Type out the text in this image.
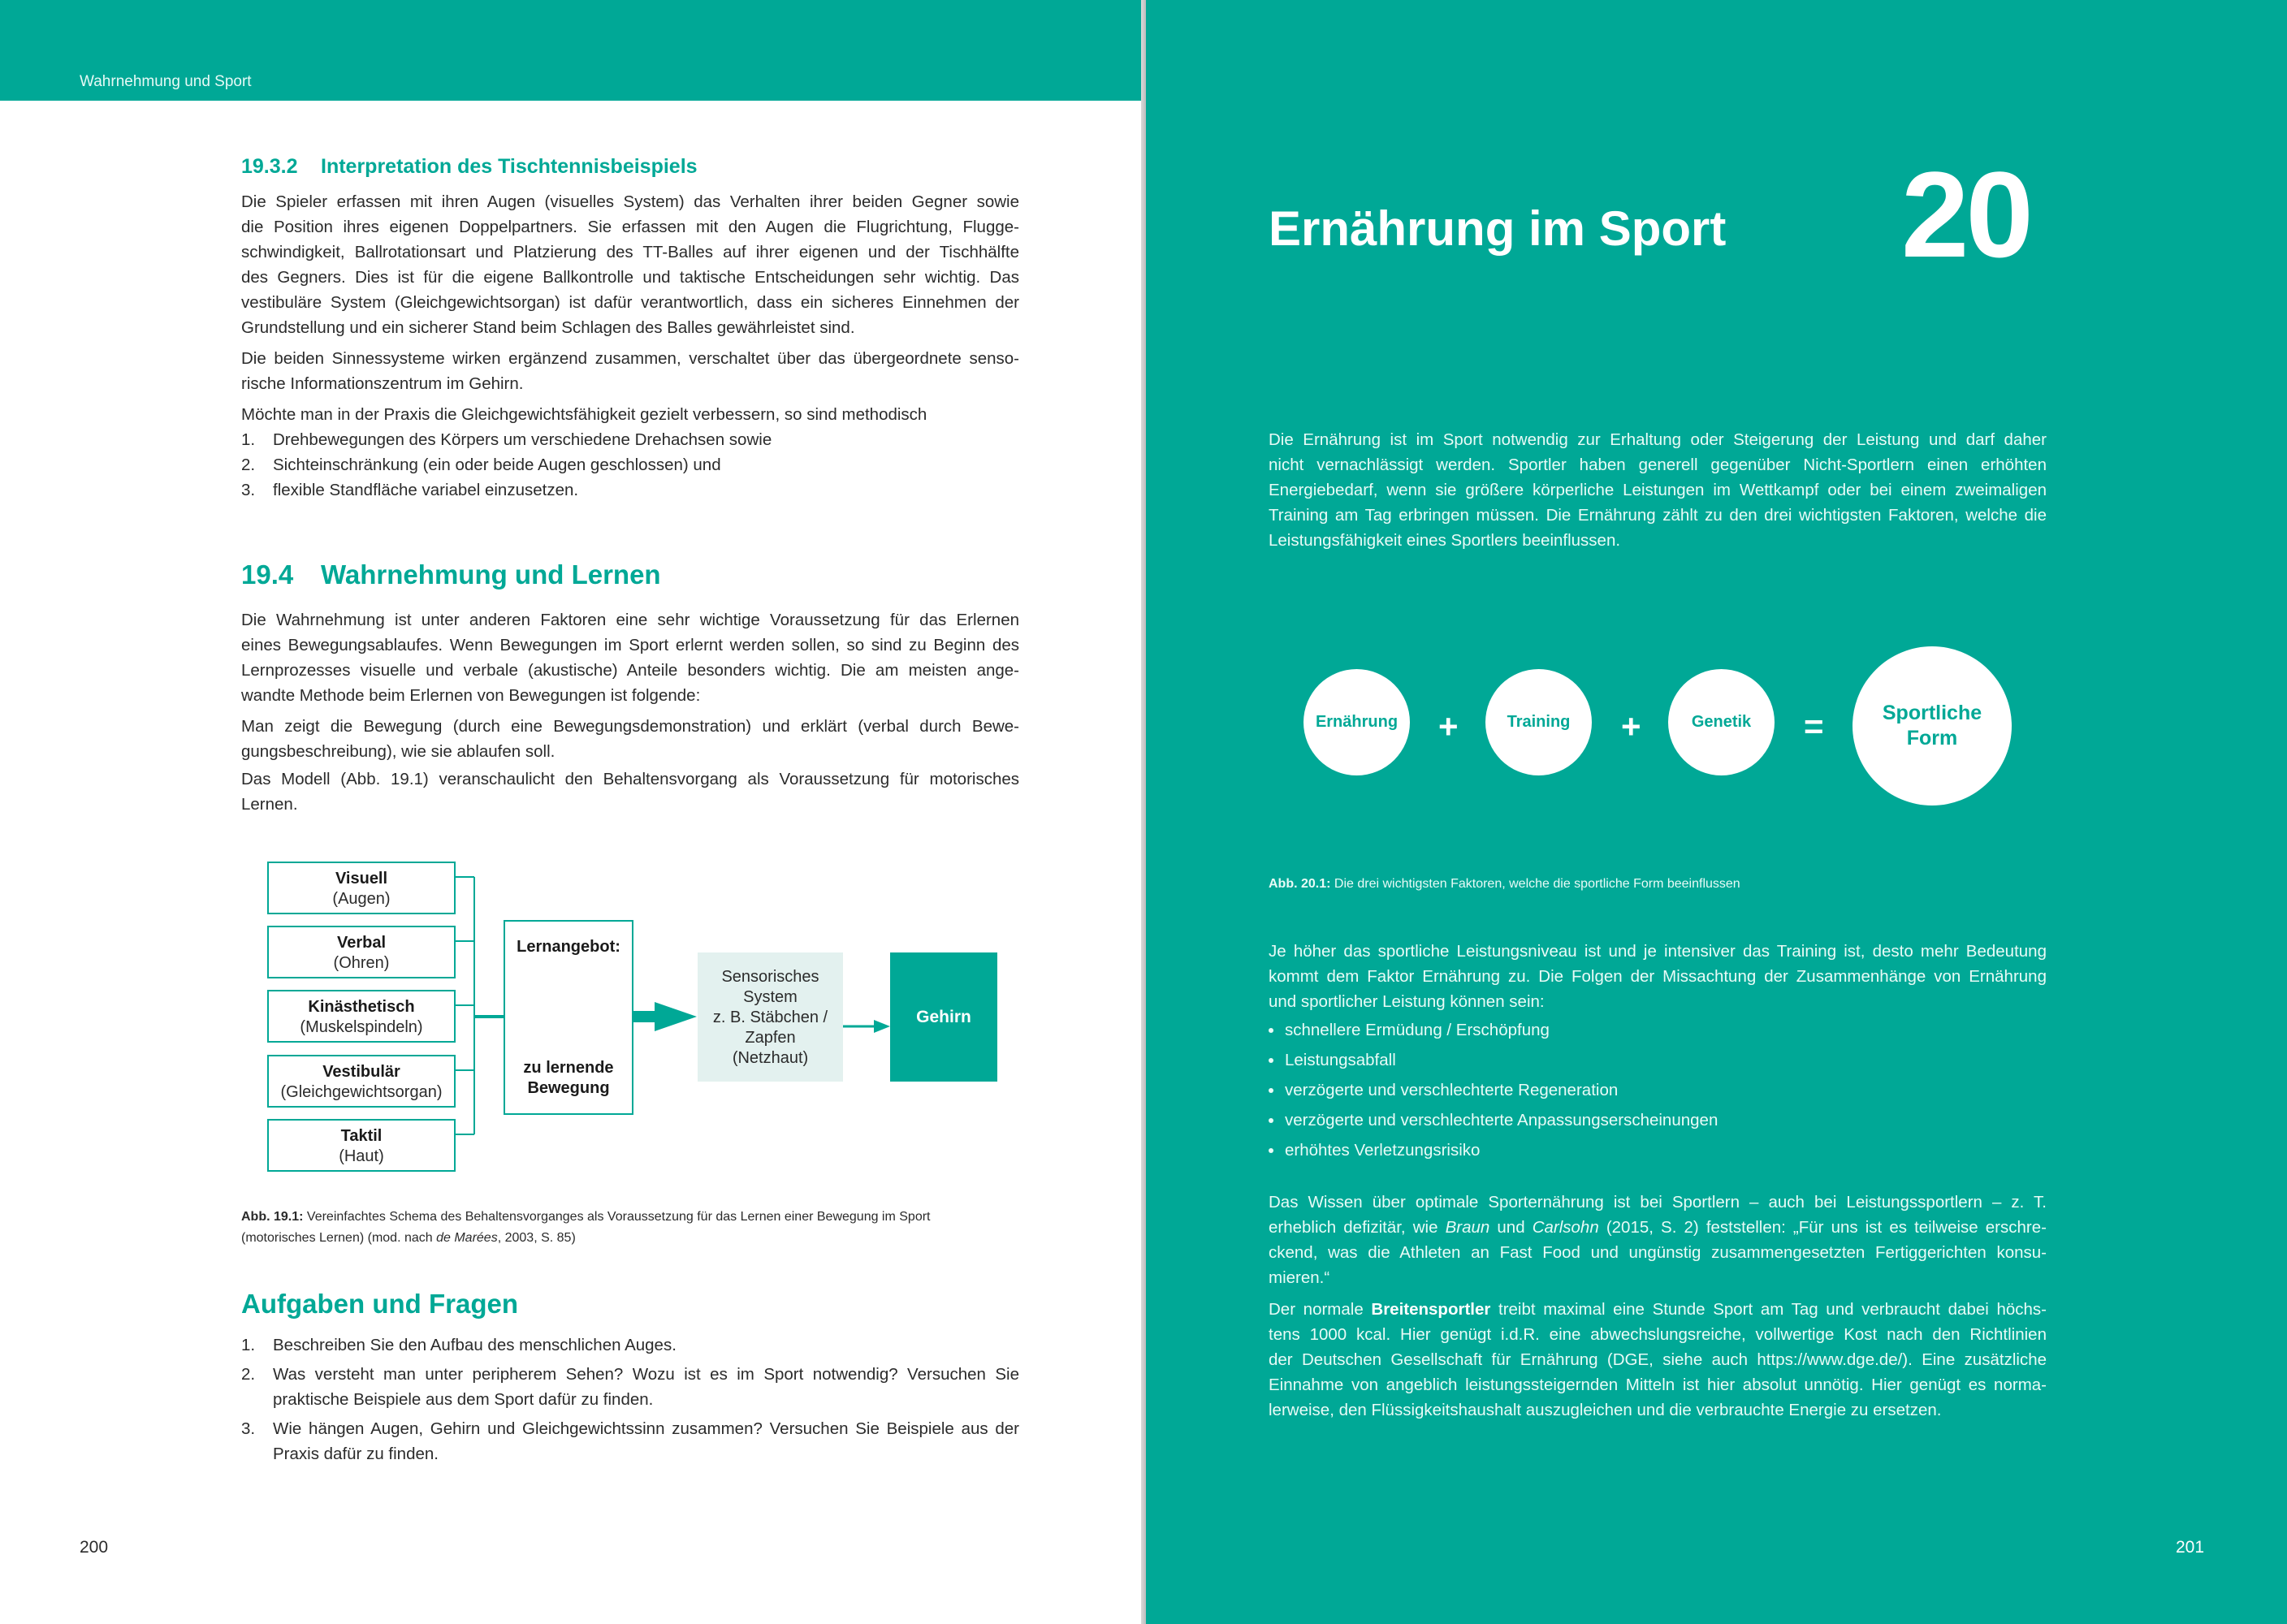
Wahrnehmung und Sport
19.3.2 Interpretation des Tischtennisbeispiels

Die Spieler erfassen mit ihren Augen (visuelles System) das Verhalten ihrer beiden Gegner sowie
die Position ihres eigenen Doppelpartners. Sie erfassen mit den Augen die Flugrichtung, Flugge-
schwindigkeit, Ballrotationsart und Platzierung des TT-Balles auf ihrer eigenen und der Tischhälfte
des Gegners. Dies ist für die eigene Ballkontrolle und taktische Entscheidungen sehr wichtig. Das
vestibuläre System (Gleichgewichtsorgan) ist dafür verantwortlich, dass ein sicheres Einnehmen der
Grundstellung und ein sicherer Stand beim Schlagen des Balles gewährleistet sind.

Die beiden Sinnessysteme wirken ergänzend zusammen, verschaltet über das übergeordnete senso-
rische Informationszentrum im Gehirn.

Möchte man in der Praxis die Gleichgewichtsfähigkeit gezielt verbessern, so sind methodisch

1. Drehbewegungen des Körpers um verschiedene Drehachsen sowie
2. Sichteinschränkung (ein oder beide Augen geschlossen) und
3. flexible Standfläche variabel einzusetzen.
19.4 Wahrnehmung und Lernen

Die Wahrnehmung ist unter anderen Faktoren eine sehr wichtige Voraussetzung für das Erlernen
eines Bewegungsablaufes. Wenn Bewegungen im Sport erlernt werden sollen, so sind zu Beginn des
Lernprozesses visuelle und verbale (akustische) Anteile besonders wichtig. Die am meisten ange-
wandte Methode beim Erlernen von Bewegungen ist folgende:

Man zeigt die Bewegung (durch eine Bewegungsdemonstration) und erklärt (verbal durch Bewe-
gungsbeschreibung), wie sie ablaufen soll.

Das Modell (Abb. 19.1) veranschaulicht den Behaltensvorgang als Voraussetzung für motorisches
Lernen.

Visuell
(Augen)
Verbal
(Ohren)
Kinästhetisch
(Muskelspindeln)
Vestibulär
(Gleichgewichtsorgan)
Taktil
(Haut)
Lernangebot:
zu lernende
Bewegung
Sensorisches
System
z. B. Stäbchen /
Zapfen
(Netzhaut)
Gehirn
Abb. 19.1: Vereinfachtes Schema des Behaltensvorganges als Voraussetzung für das Lernen einer Bewegung im Sport
(motorisches Lernen) (mod. nach de Marées, 2003, S. 85)
Aufgaben und Fragen
1. Beschreiben Sie den Aufbau des menschlichen Auges.
2. Was versteht man unter peripherem Sehen? Wozu ist es im Sport notwendig? Versuchen Sie praktische Beispiele aus dem Sport dafür zu finden.
3. Wie hängen Augen, Gehirn und Gleichgewichtssinn zusammen? Versuchen Sie Beispiele aus der Praxis dafür zu finden.
200
Ernährung im Sport 20

Die Ernährung ist im Sport notwendig zur Erhaltung oder Steigerung der Leistung und darf daher
nicht vernachlässigt werden. Sportler haben generell gegenüber Nicht-Sportlern einen erhöhten
Energiebedarf, wenn sie größere körperliche Leistungen im Wettkampf oder bei einem zweimaligen
Training am Tag erbringen müssen. Die Ernährung zählt zu den drei wichtigsten Faktoren, welche die
Leistungsfähigkeit eines Sportlers beeinflussen.

Ernährung	+	Training	+	Genetik	=	Sportliche
Form
Abb. 20.1: Die drei wichtigsten Faktoren, welche die sportliche Form beeinflussen

Je höher das sportliche Leistungsniveau ist und je intensiver das Training ist, desto mehr Bedeutung
kommt dem Faktor Ernährung zu. Die Folgen der Missachtung der Zusammenhänge von Ernährung
und sportlicher Leistung können sein:

schnellere Ermüdung / Erschöpfung
Leistungsabfall
verzögerte und verschlechterte Regeneration
verzögerte und verschlechterte Anpassungserscheinungen
erhöhtes Verletzungsrisiko

Das Wissen über optimale Sporternährung ist bei Sportlern – auch bei Leistungssportlern – z. T.
erheblich defizitär, wie Braun und Carlsohn (2015, S. 2) feststellen: „Für uns ist es teilweise erschre-
ckend, was die Athleten an Fast Food und ungünstig zusammengesetzten Fertiggerichten konsu-
mieren.“

Der normale Breitensportler treibt maximal eine Stunde Sport am Tag und verbraucht dabei höchs-
tens 1000 kcal. Hier genügt i.d.R. eine abwechslungsreiche, vollwertige Kost nach den Richtlinien
der Deutschen Gesellschaft für Ernährung (DGE, siehe auch https://www.dge.de/). Eine zusätzliche
Einnahme von angeblich leistungssteigernden Mitteln ist hier absolut unnötig. Hier genügt es norma-
lerweise, den Flüssigkeitshaushalt auszugleichen und die verbrauchte Energie zu ersetzen.

201
